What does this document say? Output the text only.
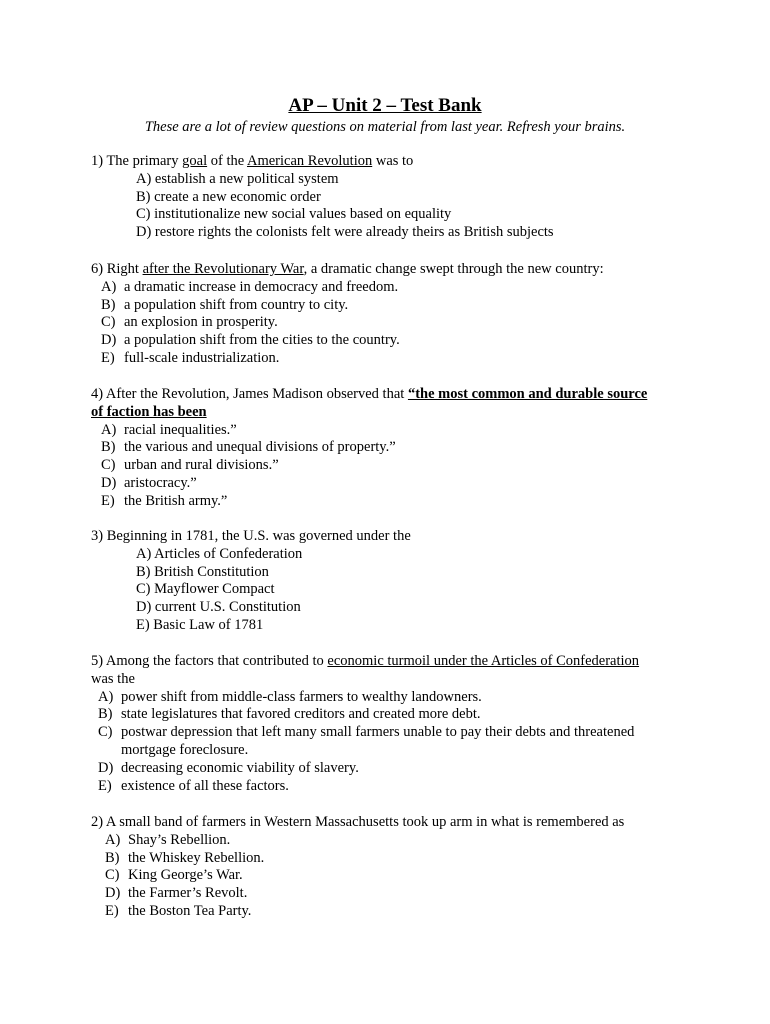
AP – Unit 2 – Test Bank
These are a lot of review questions on material from last year. Refresh your brains.
1) The primary goal of the American Revolution was to
A) establish a new political system
B) create a new economic order
C) institutionalize new social values based on equality
D) restore rights the colonists felt were already theirs as British subjects
6) Right after the Revolutionary War, a dramatic change swept through the new country:
A) a dramatic increase in democracy and freedom.
B) a population shift from country to city.
C) an explosion in prosperity.
D) a population shift from the cities to the country.
E) full-scale industrialization.
4) After the Revolution, James Madison observed that “the most common and durable source
of faction has been
A) racial inequalities.”
B) the various and unequal divisions of property.”
C) urban and rural divisions.”
D) aristocracy.”
E) the British army.”
3) Beginning in 1781, the U.S. was governed under the
A) Articles of Confederation
B) British Constitution
C) Mayflower Compact
D) current U.S. Constitution
E) Basic Law of 1781
5) Among the factors that contributed to economic turmoil under the Articles of Confederation
was the
A) power shift from middle-class farmers to wealthy landowners.
B) state legislatures that favored creditors and created more debt.
C) postwar depression that left many small farmers unable to pay their debts and threatened
mortgage foreclosure.
D) decreasing economic viability of slavery.
E) existence of all these factors.
2) A small band of farmers in Western Massachusetts took up arm in what is remembered as
A) Shay’s Rebellion.
B) the Whiskey Rebellion.
C) King George’s War.
D) the Farmer’s Revolt.
E) the Boston Tea Party.
